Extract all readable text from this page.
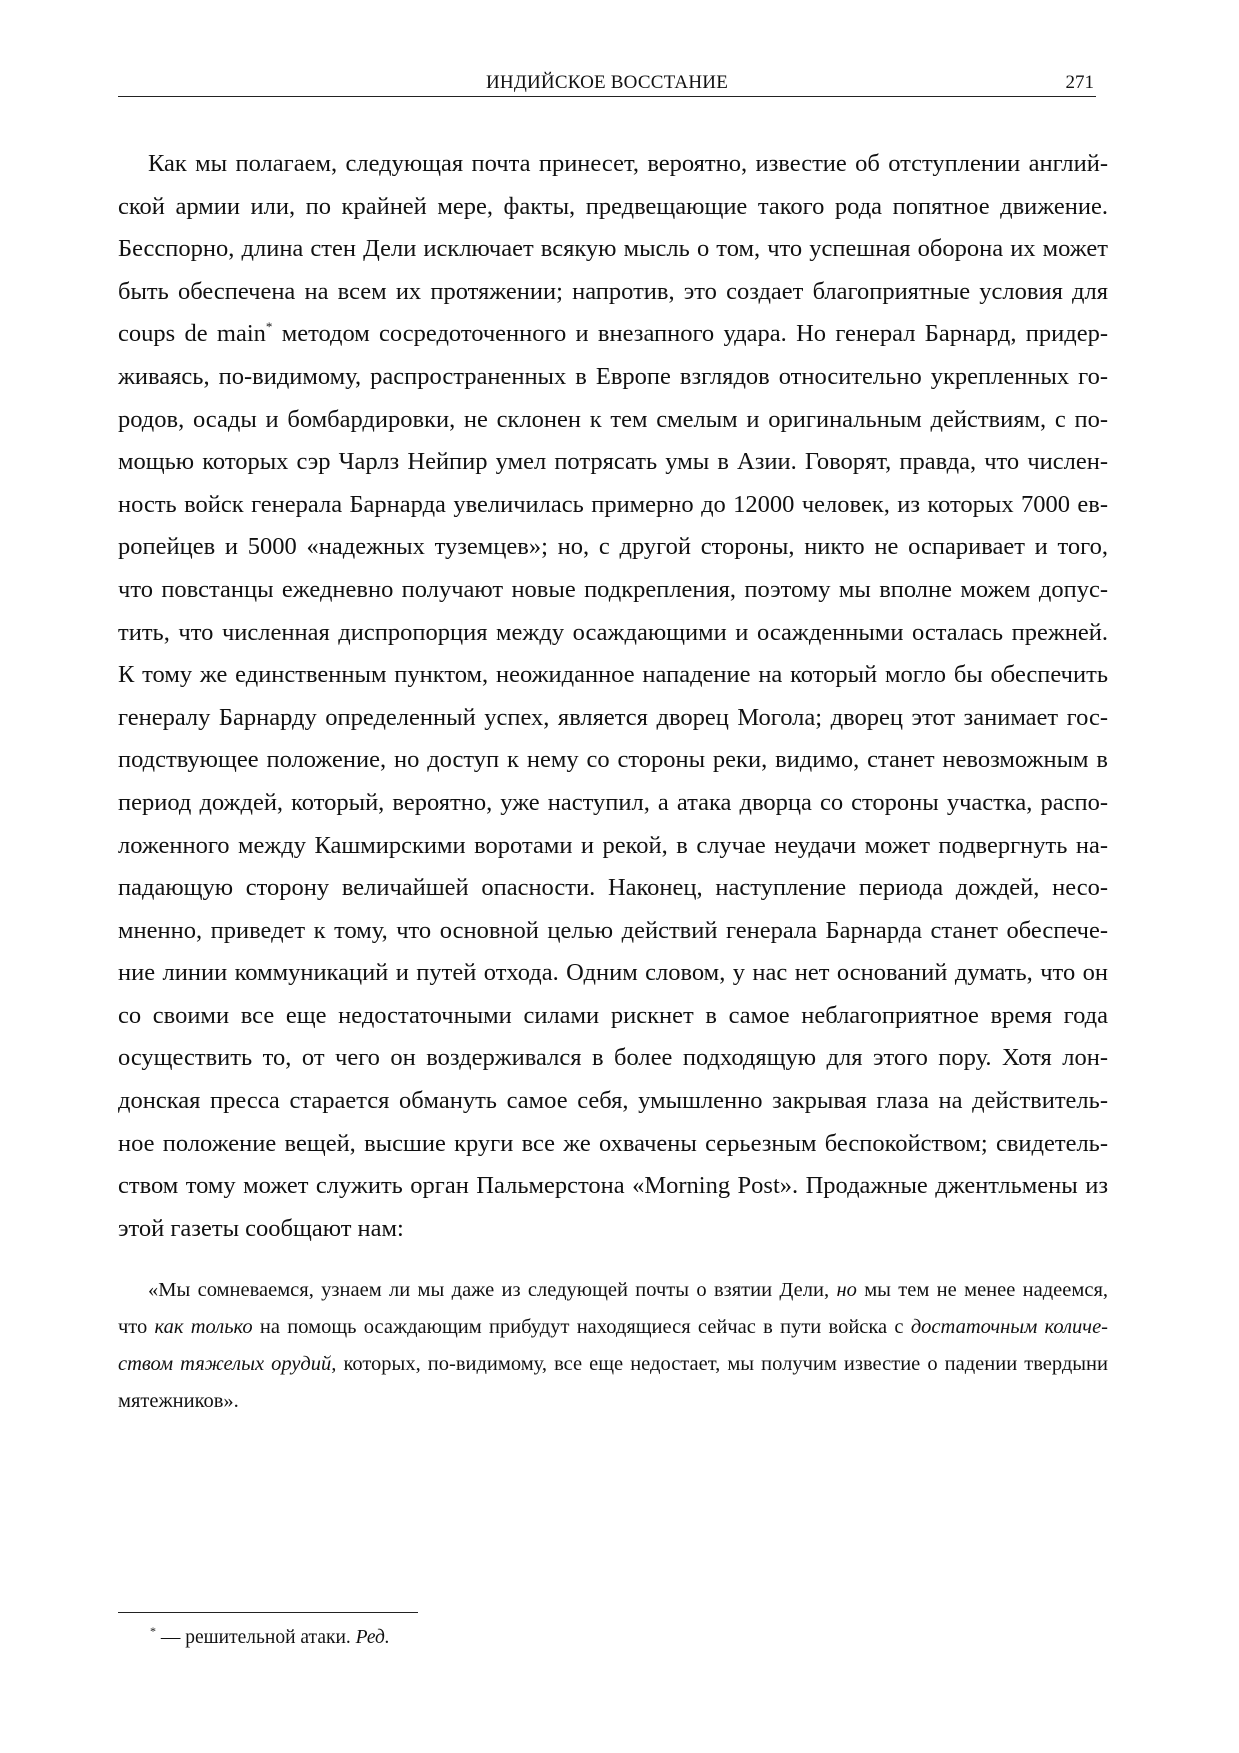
ИНДИЙСКОЕ ВОССТАНИЕ	271
Как мы полагаем, следующая почта принесет, вероятно, известие об отступлении англий-
ской армии или, по крайней мере, факты, предвещающие такого рода попятное движение.
Бесспорно, длина стен Дели исключает всякую мысль о том, что успешная оборона их может
быть обеспечена на всем их протяжении; напротив, это создает благоприятные условия для
coups de main* методом сосредоточенного и внезапного удара. Но генерал Барнард, придер-
живаясь, по-видимому, распространенных в Европе взглядов относительно укрепленных го-
родов, осады и бомбардировки, не склонен к тем смелым и оригинальным действиям, с по-
мощью которых сэр Чарлз Нейпир умел потрясать умы в Азии. Говорят, правда, что числен-
ность войск генерала Барнарда увеличилась примерно до 12000 человек, из которых 7000 ев-
ропейцев и 5000 «надежных туземцев»; но, с другой стороны, никто не оспаривает и того,
что повстанцы ежедневно получают новые подкрепления, поэтому мы вполне можем допус-
тить, что численная диспропорция между осаждающими и осажденными осталась прежней.
К тому же единственным пунктом, неожиданное нападение на который могло бы обеспечить
генералу Барнарду определенный успех, является дворец Могола; дворец этот занимает гос-
подствующее положение, но доступ к нему со стороны реки, видимо, станет невозможным в
период дождей, который, вероятно, уже наступил, а атака дворца со стороны участка, распо-
ложенного между Кашмирскими воротами и рекой, в случае неудачи может подвергнуть на-
падающую сторону величайшей опасности. Наконец, наступление периода дождей, несо-
мненно, приведет к тому, что основной целью действий генерала Барнарда станет обеспече-
ние линии коммуникаций и путей отхода. Одним словом, у нас нет оснований думать, что он
со своими все еще недостаточными силами рискнет в самое неблагоприятное время года
осуществить то, от чего он воздерживался в более подходящую для этого пору. Хотя лон-
донская пресса старается обмануть самое себя, умышленно закрывая глаза на действитель-
ное положение вещей, высшие круги все же охвачены серьезным беспокойством; свидетель-
ством тому может служить орган Пальмерстона «Morning Post». Продажные джентльмены из
этой газеты сообщают нам:
«Мы сомневаемся, узнаем ли мы даже из следующей почты о взятии Дели, но мы тем не менее надеемся,
что как только на помощь осаждающим прибудут находящиеся сейчас в пути войска с достаточным количе-
ством тяжелых орудий, которых, по-видимому, все еще недостает, мы получим известие о падении твердыни
мятежников».
* — решительной атаки. Ред.
